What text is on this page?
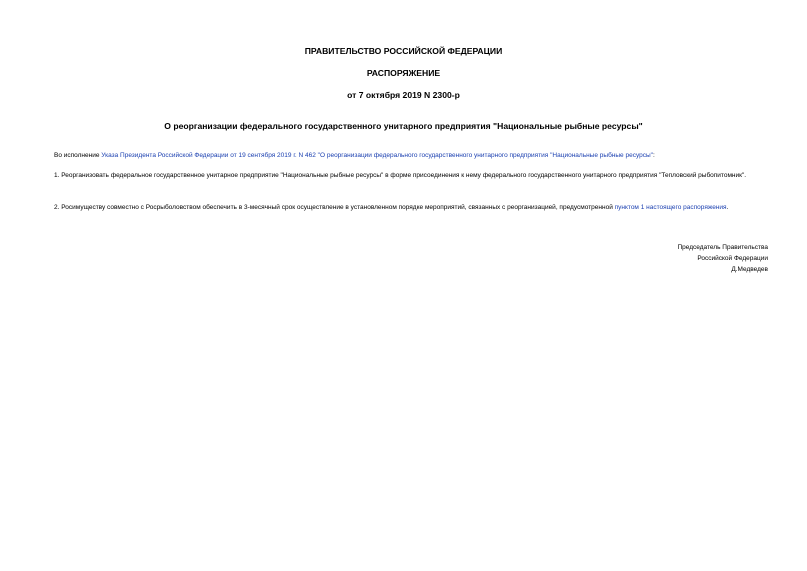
ПРАВИТЕЛЬСТВО РОССИЙСКОЙ ФЕДЕРАЦИИ
РАСПОРЯЖЕНИЕ
от 7 октября 2019 N 2300-р
О реорганизации федерального государственного унитарного предприятия "Национальные рыбные ресурсы"
Во исполнение Указа Президента Российской Федерации от 19 сентября 2019 г. N 462 "О реорганизации федерального государственного унитарного предприятия "Национальные рыбные ресурсы":
1. Реорганизовать федеральное государственное унитарное предприятие "Национальные рыбные ресурсы" в форме присоединения к нему федерального государственного унитарного предприятия "Тепловский рыбопитомник".
2. Росимуществу совместно с Росрыболовством обеспечить в 3-месячный срок осуществление в установленном порядке мероприятий, связанных с реорганизацией, предусмотренной пунктом 1 настоящего распоряжения.
Председатель Правительства
Российской Федерации
Д.Медведев
